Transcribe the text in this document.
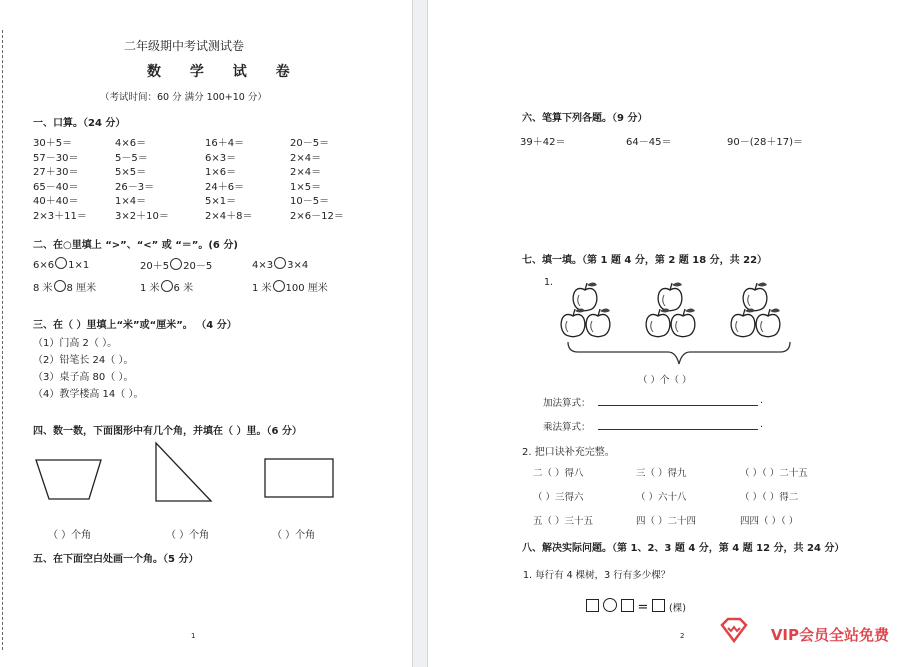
二年级期中考试测试卷
数 学 试 卷
（考试时间：60 分 满分 100+10 分）
一、口算。（24 分）
30＋5＝	4×6＝	16＋4＝	20－5＝
57－30＝	5－5＝	6×3＝	2×4＝
27＋30＝	5×5＝	1×6＝	2×4＝
65－40＝	26－3＝	24＋6＝	1×5＝
40＋40＝	1×4＝	5×1＝	10－5＝
2×3＋11＝	3×2＋10＝	2×4＋8＝	2×6－12＝
二、在○里填上 “>”、“<” 或 “＝”。(6 分)
6×6 1×1	20＋5 20－5	4×3 3×4
8 米 8 厘米	1 米 6 米	1 米 100 厘米
三、在（ ）里填上“米”或“厘米”。 （4 分）
（1）门高 2（ ）。
（2）铅笔长 24（ ）。
（3）桌子高 80（ ）。
（4）教学楼高 14（ ）。
四、数一数，下面图形中有几个角，并填在（ ）里。（6 分）
（ ）个角	（ ）个角	（ ）个角
五、在下面空白处画一个角。（5 分）
1
六、笔算下列各题。（9 分）
39＋42＝	64－45＝	90－(28＋17)＝
七、填一填。（第 1 题 4 分，第 2 题 18 分，共 22）
1.
（ ）个（ ）
加法算式：	.
乘法算式：	.
2. 把口诀补充完整。
二（ ）得八	三（ ）得九	（ ）（ ）二十五
（ ）三得六	（ ）六十八	（ ）（ ）得二
五（ ）三十五	四（ ）二十四	四四（ ）（ ）
八、解决实际问题。（第 1、2、3 题 4 分，第 4 题 12 分，共 24 分）
1. 每行有 4 棵树，3 行有多少棵？
= (棵)
2	VIP会员全站免费
